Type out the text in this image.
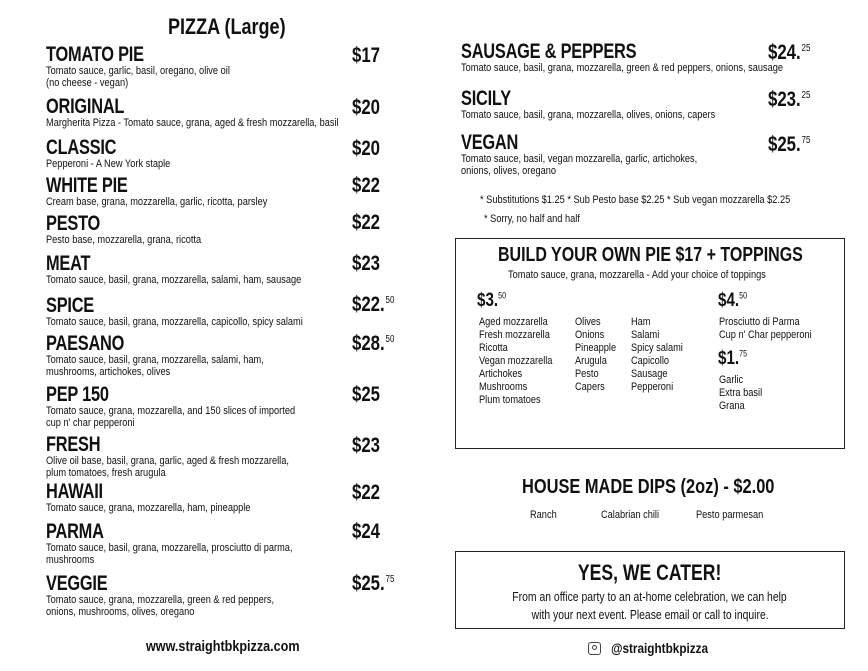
PIZZA (Large)
TOMATO PIE
Tomato sauce, garlic, basil, oregano, olive oil
(no cheese - vegan)
$17
ORIGINAL
Margherita Pizza - Tomato sauce, grana, aged & fresh mozzarella, basil
$20
CLASSIC
Pepperoni - A New York staple
$20
WHITE PIE
Cream base, grana, mozzarella, garlic, ricotta, parsley
$22
PESTO
Pesto base, mozzarella, grana, ricotta
$22
MEAT
Tomato sauce, basil, grana, mozzarella, salami, ham, sausage
$23
SPICE
Tomato sauce, basil, grana, mozzarella, capicollo, spicy salami
$22.50
PAESANO
Tomato sauce, basil, grana, mozzarella, salami, ham,
mushrooms, artichokes, olives
$28.50
PEP 150
Tomato sauce, grana, mozzarella, and 150 slices of imported
cup n' char pepperoni
$25
FRESH
Olive oil base, basil, grana, garlic, aged & fresh mozzarella,
plum tomatoes, fresh arugula
$23
HAWAII
Tomato sauce, grana, mozzarella, ham, pineapple
$22
PARMA
Tomato sauce, basil, grana, mozzarella, prosciutto di parma,
mushrooms
$24
VEGGIE
Tomato sauce, grana, mozzarella, green & red peppers,
onions, mushrooms, olives, oregano
$25.75
SAUSAGE & PEPPERS
Tomato sauce, basil, grana, mozzarella, green & red peppers, onions, sausage
$24.25
SICILY
Tomato sauce, basil, grana, mozzarella, olives, onions, capers
$23.25
VEGAN
Tomato sauce, basil, vegan mozzarella, garlic, artichokes,
onions, olives, oregano
$25.75
* Substitutions $1.25 * Sub Pesto base $2.25 * Sub vegan mozzarella $2.25
* Sorry, no half and half
BUILD YOUR OWN PIE $17 + TOPPINGS
Tomato sauce, grana, mozzarella - Add your choice of toppings
$3.50
Aged mozzarella
Fresh mozzarella
Ricotta
Vegan mozzarella
Artichokes
Mushrooms
Plum tomatoes
Olives
Onions
Pineapple
Arugula
Pesto
Capers
Ham
Salami
Spicy salami
Capicollo
Sausage
Pepperoni
$4.50
Prosciutto di Parma
Cup n' Char pepperoni
$1.75
Garlic
Extra basil
Grana
HOUSE MADE DIPS (2oz) - $2.00
Ranch	Calabrian chili	Pesto parmesan
YES, WE CATER!
From an office party to an at-home celebration, we can help
with your next event. Please email or call to inquire.
www.straightbkpizza.com	@straightbkpizza
